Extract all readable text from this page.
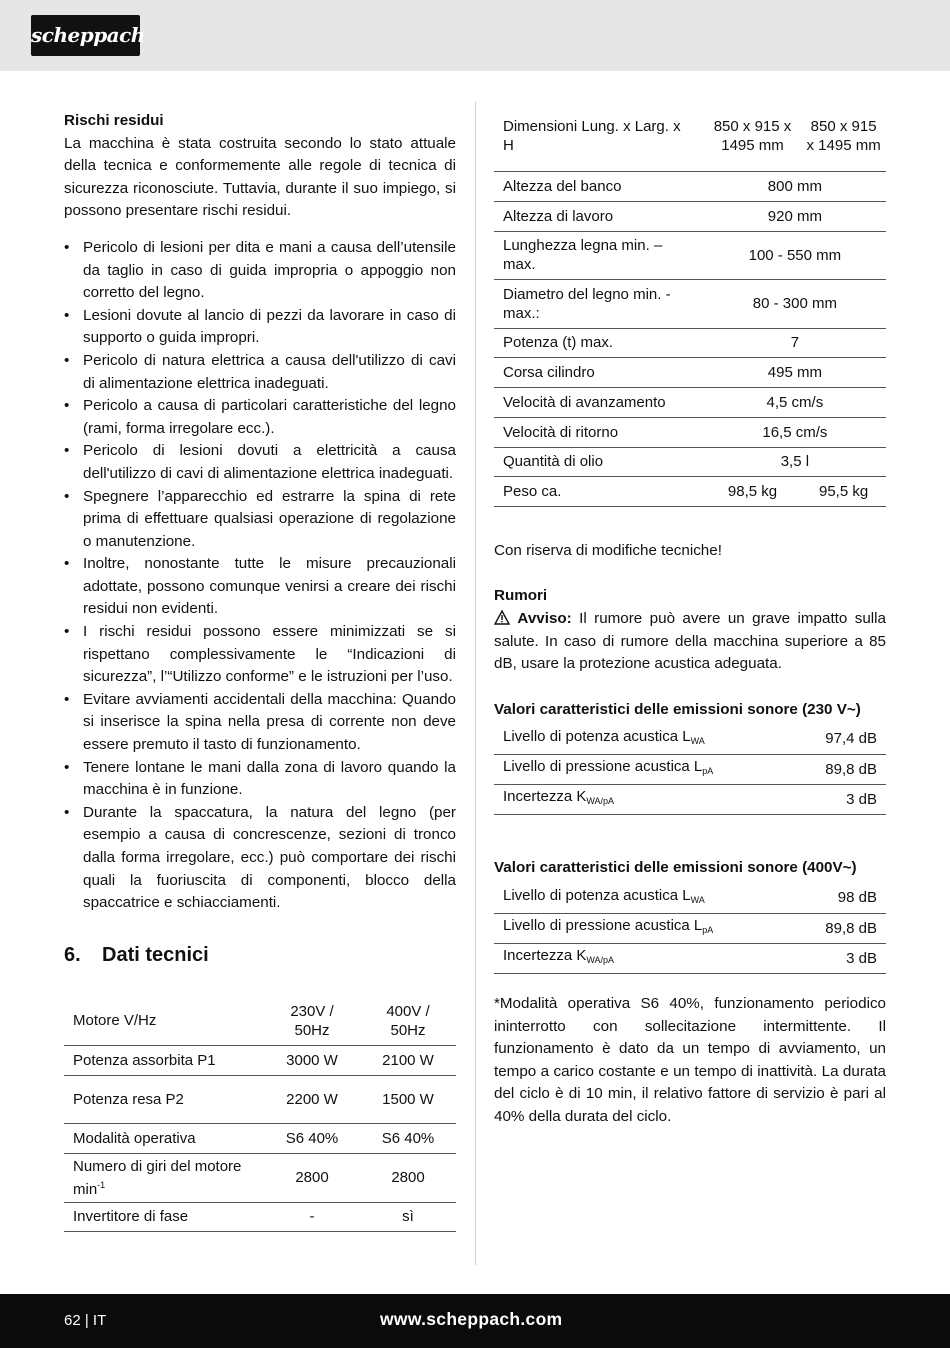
scheppach

Rischi residui

La macchina è stata costruita secondo lo stato attuale della tecnica e conformemente alle regole di tecnica di sicurezza riconosciute. Tuttavia, durante il suo impiego, si possono presentare rischi residui.

• Pericolo di lesioni per dita e mani a causa dell’utensile da taglio in caso di guida impropria o appoggio non corretto del legno.
• Lesioni dovute al lancio di pezzi da lavorare in caso di supporto o guida impropri.
• Pericolo di natura elettrica a causa dell'utilizzo di cavi di alimentazione elettrica inadeguati.
• Pericolo a causa di particolari caratteristiche del legno (rami, forma irregolare ecc.).
• Pericolo di lesioni dovuti a elettricità a causa dell'utilizzo di cavi di alimentazione elettrica inadeguati.
• Spegnere l’apparecchio ed estrarre la spina di rete prima di effettuare qualsiasi operazione di regolazione o manutenzione.
• Inoltre, nonostante tutte le misure precauzionali adottate, possono comunque venirsi a creare dei rischi residui non evidenti.
• I rischi residui possono essere minimizzati se si rispettano complessivamente le “Indicazioni di sicurezza”, l’“Utilizzo conforme” e le istruzioni per l’uso.
• Evitare avviamenti accidentali della macchina: Quando si inserisce la spina nella presa di corrente non deve essere premuto il tasto di funzionamento.
• Tenere lontane le mani dalla zona di lavoro quando la macchina è in funzione.
• Durante la spaccatura, la natura del legno (per esempio a causa di concrescenze, sezioni di tronco dalla forma irregolare, ecc.) può comportare dei rischi quali la fuoriuscita di componenti, blocco della spaccatrice e schiacciamenti.
6. Dati tecnici
Motore V/Hz	230V / 50Hz	400V / 50Hz
Potenza assorbita P1	3000 W	2100 W
Potenza resa P2	2200 W	1500 W
Modalità operativa	S6 40%	S6 40%
Numero di giri del motore $\min^{-1}$	2800	2800
Invertitore di fase	-	sì
Dimensioni Lung. x Larg. x H	850 x 915 x 1495 mm	850 x 915 x 1495 mm
Altezza del banco	800 mm	
Altezza di lavoro	920 mm	
Lunghezza legna min. – max.	100 - 550 mm	
Diametro del legno min. - max.:	80 - 300 mm	
Potenza (t) max.	7	
Corsa cilindro	495 mm	
Velocità di avanzamento	4,5 cm/s	
Velocità di ritorno	16,5 cm/s	
Quantità di olio	3,5 l	
Peso ca.	98,5 kg	95,5 kg
Con riserva di modifiche tecniche!
Rumori
Avviso: Il rumore può avere un grave impatto sulla salute. In caso di rumore della macchina superiore a 85 dB, usare la protezione acustica adeguata.
Valori caratteristici delle emissioni sonore (230 V~)
Livello di potenza acustica $L_{WA}$	97,4 dB
Livello di pressione acustica $L_{pA}$	89,8 dB
Incertezza $K_{WA/pA}$	3 dB
Valori caratteristici delle emissioni sonore (400V~)
Livello di potenza acustica $L_{WA}$	98 dB
Livello di pressione acustica $L_{pA}$	89,8 dB
Incertezza $K_{WA/pA}$	3 dB
*Modalità operativa S6 40%, funzionamento periodico ininterrotto con sollecitazione intermittente. Il funzionamento è dato da un tempo di avviamento, un tempo a carico costante e un tempo di inattività. La durata del ciclo è di 10 min, il relativo fattore di servizio è pari al 40% della durata del ciclo.
62 | IT	www.scheppach.com
